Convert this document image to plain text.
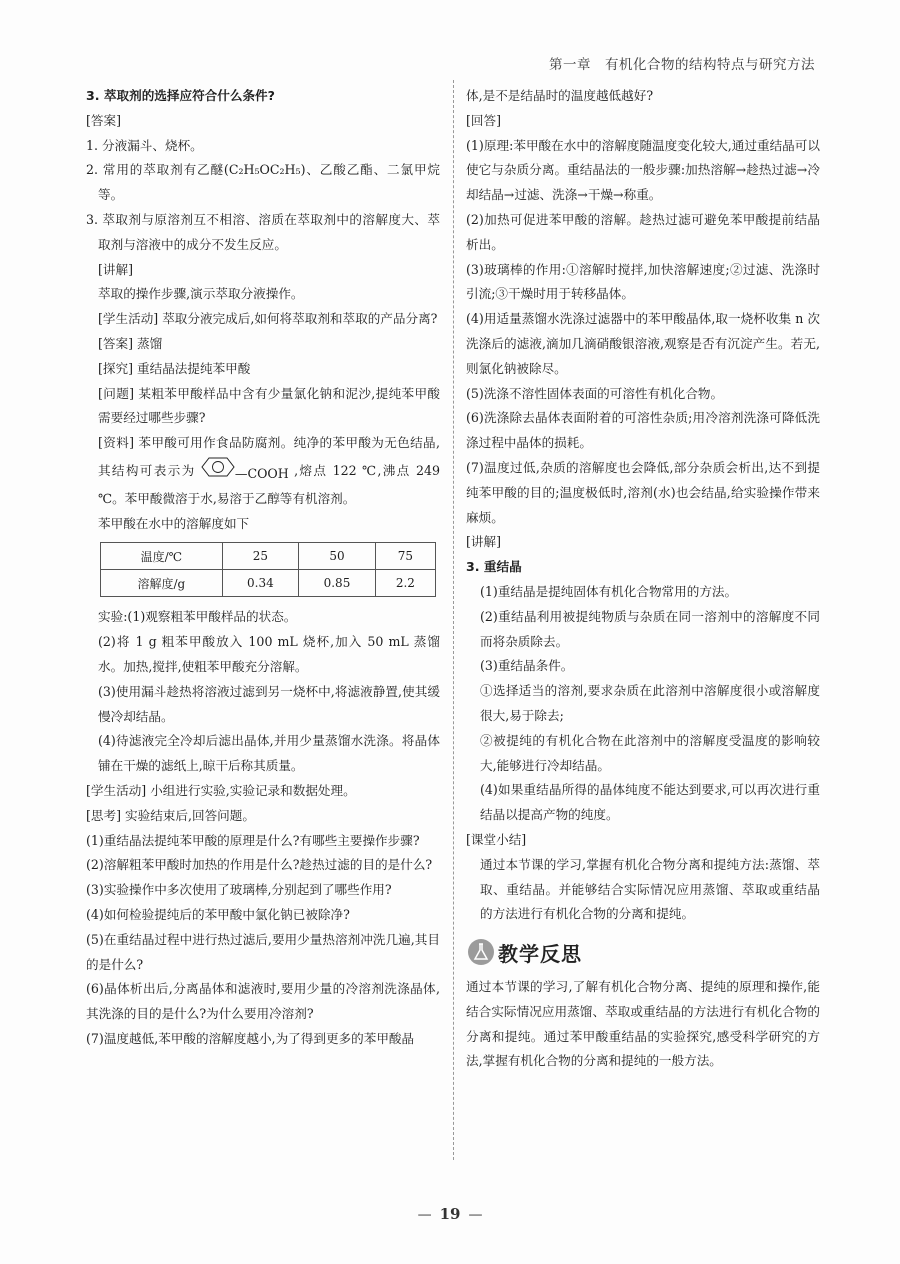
第一章 有机化合物的结构特点与研究方法

3. 萃取剂的选择应符合什么条件?

[答案]

1. 分液漏斗、烧杯。

2. 常用的萃取剂有乙醚(C₂H₅OC₂H₅)、乙酸乙酯、二氯甲烷等。

3. 萃取剂与原溶剂互不相溶、溶质在萃取剂中的溶解度大、萃取剂与溶液中的成分不发生反应。

[讲解]

萃取的操作步骤,演示萃取分液操作。

[学生活动] 萃取分液完成后,如何将萃取剂和萃取的产品分离?

[答案] 蒸馏

[探究] 重结晶法提纯苯甲酸

[问题] 某粗苯甲酸样品中含有少量氯化钠和泥沙,提纯苯甲酸需要经过哪些步骤?

[资料] 苯甲酸可用作食品防腐剂。纯净的苯甲酸为无色结晶,其结构可表示为	—COOH ,熔点 122 ℃,沸点 249 ℃。苯甲酸微溶于水,易溶于乙醇等有机溶剂。

苯甲酸在水中的溶解度如下

温度/℃	25	50	75
溶解度/g	0.34	0.85	2.2

实验:(1)观察粗苯甲酸样品的状态。

(2)将 1 g 粗苯甲酸放入 100 mL 烧杯,加入 50 mL 蒸馏水。加热,搅拌,使粗苯甲酸充分溶解。

(3)使用漏斗趁热将溶液过滤到另一烧杯中,将滤液静置,使其缓慢冷却结晶。

(4)待滤液完全冷却后滤出晶体,并用少量蒸馏水洗涤。将晶体铺在干燥的滤纸上,晾干后称其质量。

[学生活动] 小组进行实验,实验记录和数据处理。

[思考] 实验结束后,回答问题。

(1)重结晶法提纯苯甲酸的原理是什么?有哪些主要操作步骤?

(2)溶解粗苯甲酸时加热的作用是什么?趁热过滤的目的是什么?

(3)实验操作中多次使用了玻璃棒,分别起到了哪些作用?

(4)如何检验提纯后的苯甲酸中氯化钠已被除净?

(5)在重结晶过程中进行热过滤后,要用少量热溶剂冲洗几遍,其目的是什么?

(6)晶体析出后,分离晶体和滤液时,要用少量的冷溶剂洗涤晶体,其洗涤的目的是什么?为什么要用冷溶剂?

(7)温度越低,苯甲酸的溶解度越小,为了得到更多的苯甲酸晶

体,是不是结晶时的温度越低越好?

[回答]

(1)原理:苯甲酸在水中的溶解度随温度变化较大,通过重结晶可以使它与杂质分离。重结晶法的一般步骤:加热溶解→趁热过滤→冷却结晶→过滤、洗涤→干燥→称重。

(2)加热可促进苯甲酸的溶解。趁热过滤可避免苯甲酸提前结晶析出。

(3)玻璃棒的作用:①溶解时搅拌,加快溶解速度;②过滤、洗涤时引流;③干燥时用于转移晶体。

(4)用适量蒸馏水洗涤过滤器中的苯甲酸晶体,取一烧杯收集 n 次洗涤后的滤液,滴加几滴硝酸银溶液,观察是否有沉淀产生。若无,则氯化钠被除尽。

(5)洗涤不溶性固体表面的可溶性有机化合物。

(6)洗涤除去晶体表面附着的可溶性杂质;用冷溶剂洗涤可降低洗涤过程中晶体的损耗。

(7)温度过低,杂质的溶解度也会降低,部分杂质会析出,达不到提纯苯甲酸的目的;温度极低时,溶剂(水)也会结晶,给实验操作带来麻烦。

[讲解]

3. 重结晶

(1)重结晶是提纯固体有机化合物常用的方法。

(2)重结晶利用被提纯物质与杂质在同一溶剂中的溶解度不同而将杂质除去。

(3)重结晶条件。

①选择适当的溶剂,要求杂质在此溶剂中溶解度很小或溶解度很大,易于除去;

②被提纯的有机化合物在此溶剂中的溶解度受温度的影响较大,能够进行冷却结晶。

(4)如果重结晶所得的晶体纯度不能达到要求,可以再次进行重结晶以提高产物的纯度。

[课堂小结]

通过本节课的学习,掌握有机化合物分离和提纯方法:蒸馏、萃取、重结晶。并能够结合实际情况应用蒸馏、萃取或重结晶的方法进行有机化合物的分离和提纯。

教学反思

通过本节课的学习,了解有机化合物分离、提纯的原理和操作,能结合实际情况应用蒸馏、萃取或重结晶的方法进行有机化合物的分离和提纯。通过苯甲酸重结晶的实验探究,感受科学研究的方法,掌握有机化合物的分离和提纯的一般方法。

— 19 —
